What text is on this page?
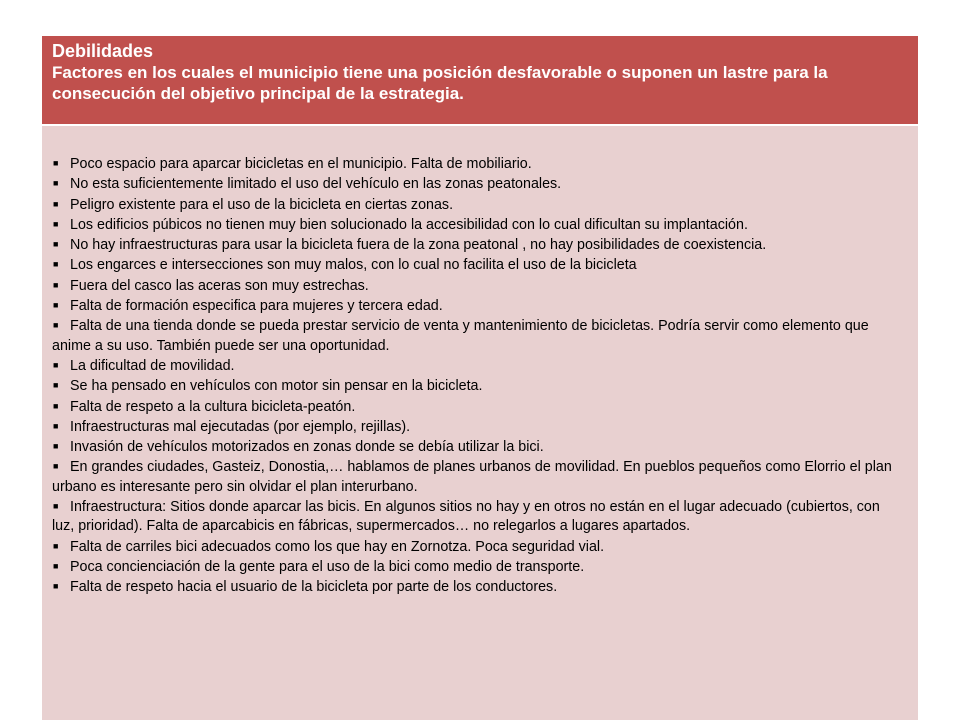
Debilidades
Factores en los cuales el municipio tiene una posición desfavorable o suponen un lastre para la consecución del objetivo principal de la estrategia.
■ Poco espacio para aparcar bicicletas en el municipio. Falta de mobiliario.
■ No esta suficientemente limitado el uso del vehículo en las zonas peatonales.
■ Peligro existente para el uso de la bicicleta en ciertas zonas.
■ Los edificios púbicos no tienen muy bien solucionado la accesibilidad con lo cual dificultan su implantación.
■ No hay infraestructuras para usar la bicicleta fuera de la zona peatonal , no hay posibilidades de coexistencia.
■ Los engarces e intersecciones son muy malos, con lo cual no facilita el uso de la bicicleta
■ Fuera del casco las aceras son muy estrechas.
■ Falta de formación especifica para mujeres y tercera edad.
■ Falta de una tienda donde se pueda prestar servicio de venta y mantenimiento de bicicletas. Podría servir como elemento que anime a su uso. También puede ser una oportunidad.
■ La dificultad de movilidad.
■ Se ha pensado en vehículos con motor sin pensar en la bicicleta.
■ Falta de respeto a la cultura bicicleta-peatón.
■ Infraestructuras mal ejecutadas (por ejemplo, rejillas).
■ Invasión de vehículos motorizados en zonas donde se debía utilizar la bici.
■ En grandes ciudades, Gasteiz, Donostia,… hablamos de planes urbanos de movilidad. En pueblos pequeños como Elorrio el plan urbano es interesante pero sin olvidar el plan interurbano.
■ Infraestructura: Sitios donde aparcar las bicis. En algunos sitios no hay y en otros no están en el lugar adecuado (cubiertos, con luz, prioridad). Falta de aparcabicis en fábricas, supermercados… no relegarlos a lugares apartados.
■ Falta de carriles bici adecuados como los que hay en Zornotza. Poca seguridad vial.
■ Poca concienciación de la gente para el uso de la bici como medio de transporte.
■ Falta de respeto hacia el usuario de la bicicleta por parte de los conductores.
